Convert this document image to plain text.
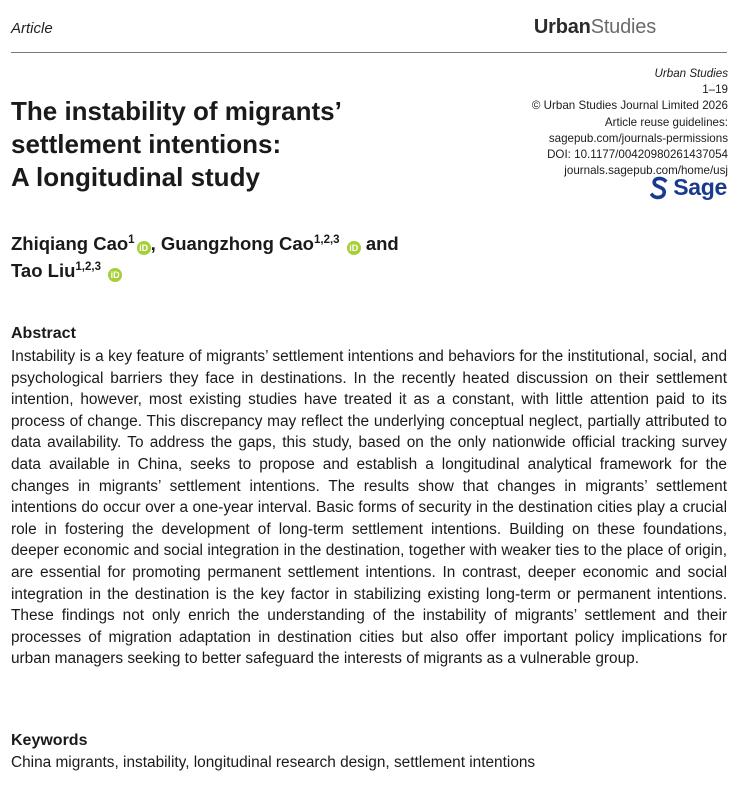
Article	UrbanStudies
Urban Studies
1–19
© Urban Studies Journal Limited 2026
Article reuse guidelines:
sagepub.com/journals-permissions
DOI: 10.1177/00420980261437054
journals.sagepub.com/home/usj
Sage
The instability of migrants’
settlement intentions:
A longitudinal study
Zhiqiang Cao$^1$iD , Guangzhong Cao$^{1,2,3}$ iD and
Tao Liu$^{1,2,3}$ iD
Abstract

Instability is a key feature of migrants’ settlement intentions and behaviors for the institutional, social, and psychological barriers they face in destinations. In the recently heated discussion on their settlement intention, however, most existing studies have treated it as a constant, with little attention paid to its process of change. This discrepancy may reflect the underlying conceptual neglect, partially attributed to data availability. To address the gaps, this study, based on the only nationwide official tracking survey data available in China, seeks to propose and establish a longitudinal analytical framework for the changes in migrants’ settlement intentions. The results show that changes in migrants’ settlement intentions do occur over a one-year interval. Basic forms of security in the destination cities play a crucial role in fostering the development of long-term settlement intentions. Building on these foundations, deeper economic and social integration in the destination, together with weaker ties to the place of origin, are essential for promoting permanent settlement intentions. In contrast, deeper economic and social integration in the destination is the key factor in stabilizing existing long-term or permanent intentions. These findings not only enrich the understanding of the instability of migrants’ settlement and their processes of migration adaptation in destination cities but also offer important policy implications for urban managers seeking to better safeguard the interests of migrants as a vulnerable group.

Keywords
China migrants, instability, longitudinal research design, settlement intentions
